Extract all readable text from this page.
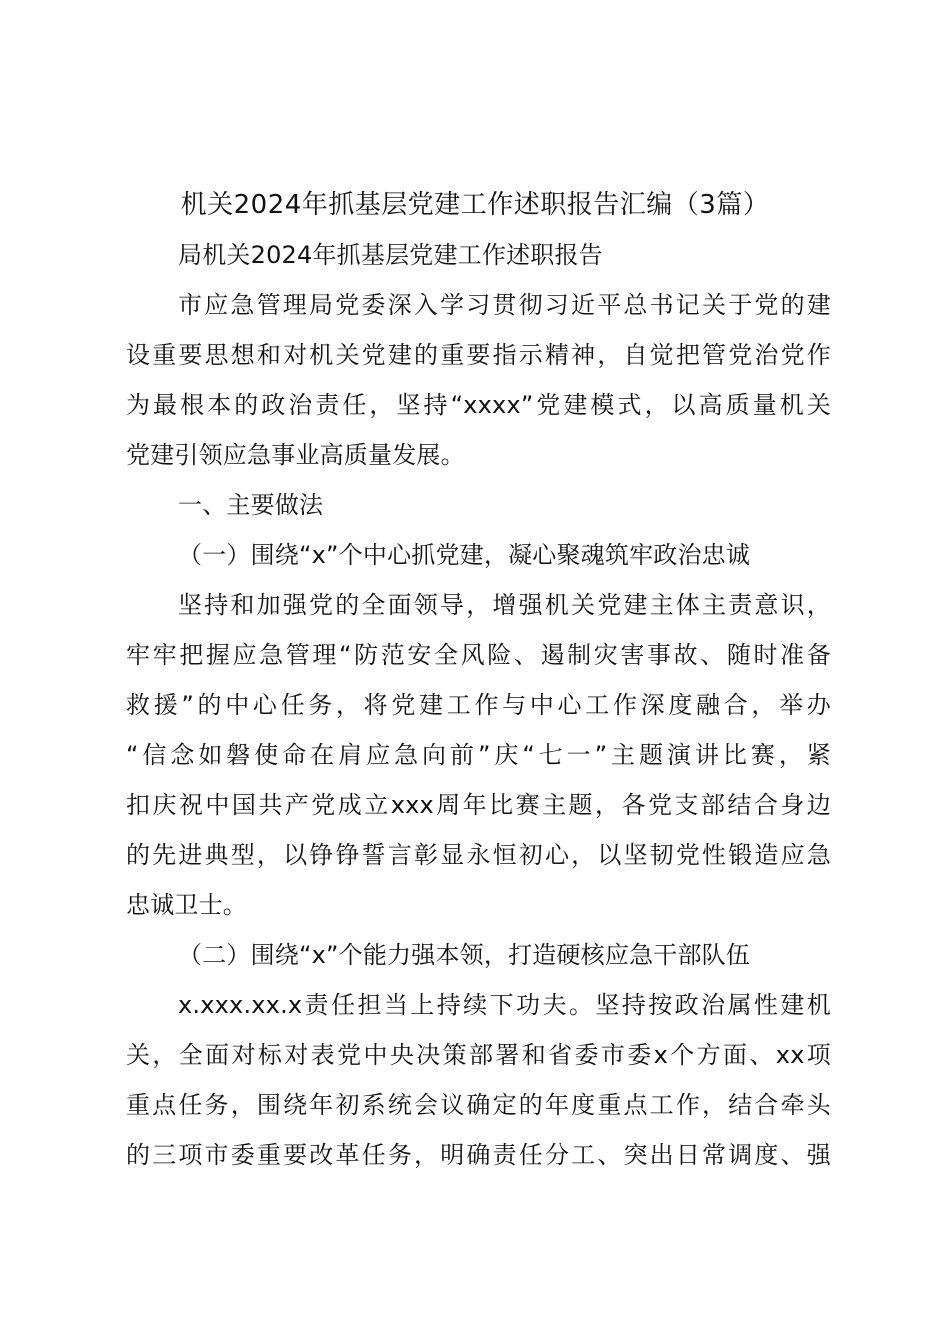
机关2024年抓基层党建工作述职报告汇编（3篇）
局机关2024年抓基层党建工作述职报告
市应急管理局党委深入学习贯彻习近平总书记关于党的建
设重要思想和对机关党建的重要指示精神，自觉把管党治党作
为最根本的政治责任，坚持“xxxx”党建模式，以高质量机关
党建引领应急事业高质量发展。
一、主要做法
（一）围绕“x”个中心抓党建，凝心聚魂筑牢政治忠诚
坚持和加强党的全面领导，增强机关党建主体主责意识，
牢牢把握应急管理“防范安全风险、遏制灾害事故、随时准备
救援”的中心任务，将党建工作与中心工作深度融合，举办
“信念如磐使命在肩应急向前”庆“七一”主题演讲比赛，紧
扣庆祝中国共产党成立xxx周年比赛主题，各党支部结合身边
的先进典型，以铮铮誓言彰显永恒初心，以坚韧党性锻造应急
忠诚卫士。
（二）围绕“x”个能力强本领，打造硬核应急干部队伍
x.xxx.xx.x责任担当上持续下功夫。坚持按政治属性建机
关，全面对标对表党中央决策部署和省委市委x个方面、xx项
重点任务，围绕年初系统会议确定的年度重点工作，结合牵头
的三项市委重要改革任务，明确责任分工、突出日常调度、强
